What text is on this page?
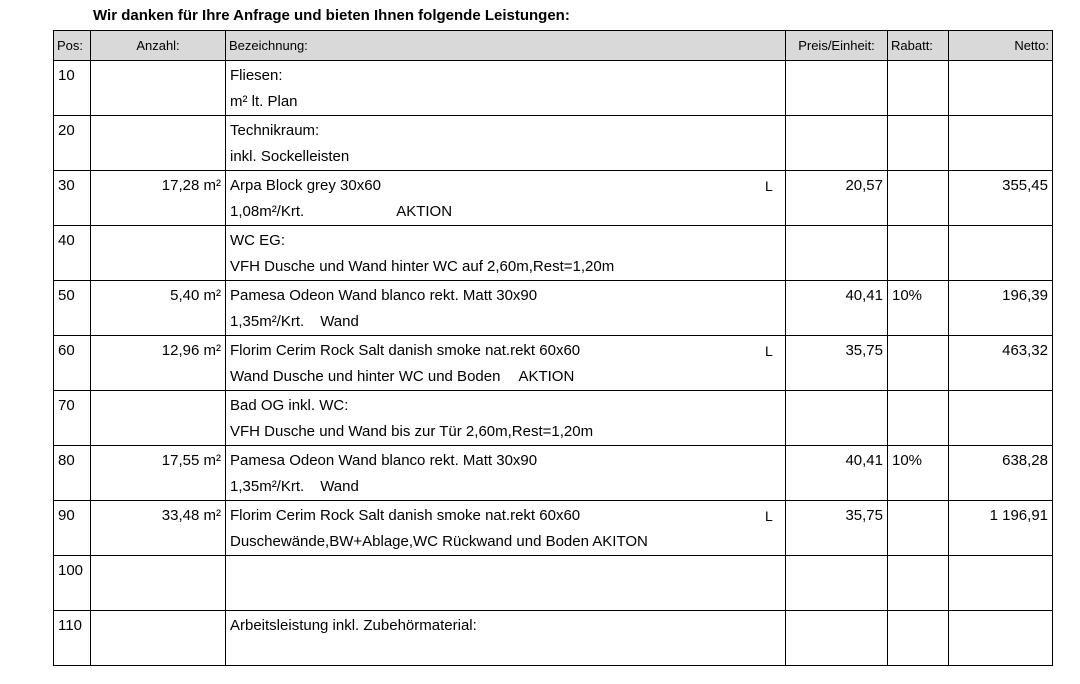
Wir danken für Ihre Anfrage und bieten Ihnen folgende Leistungen:
Pos:	Anzahl:	Bezeichnung:	Preis/Einheit:	Rabatt:	Netto:
10		Fliesen:
m² lt. Plan			

20		Technikraum:
inkl. Sockelleisten			

30	17,28 m²	Arpa Block grey 30x60 L
1,08m²/Krt. AKTION	20,57		355,45
40		WC EG:
VFH Dusche und Wand hinter WC auf 2,60m,Rest=1,20m			

50	5,40 m²	Pamesa Odeon Wand blanco rekt. Matt 30x90
1,35m²/Krt. Wand	40,41	10%	196,39
60	12,96 m²	Florim Cerim Rock Salt danish smoke nat.rekt 60x60 L
Wand Dusche und hinter WC und Boden AKTION	35,75		463,32
70		Bad OG inkl. WC:
VFH Dusche und Wand bis zur Tür 2,60m,Rest=1,20m			

80	17,55 m²	Pamesa Odeon Wand blanco rekt. Matt 30x90
1,35m²/Krt. Wand	40,41	10%	638,28
90	33,48 m²	Florim Cerim Rock Salt danish smoke nat.rekt 60x60 L
Duschewände,BW+Ablage,WC Rückwand und Boden AKITON	35,75		1 196,91
100		

110		Arbeitsleistung inkl. Zubehörmaterial:			
